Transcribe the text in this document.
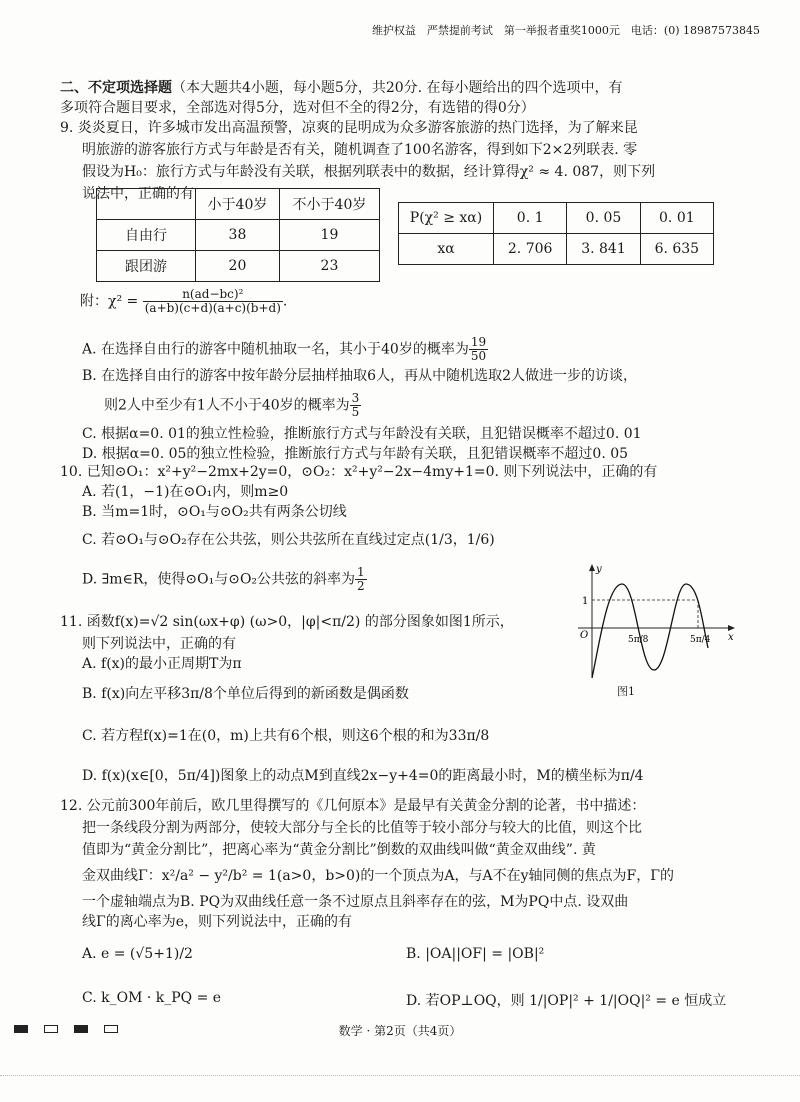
维护权益　严禁提前考试　第一举报者重奖1000元　电话：(0) 18987573845
二、不定项选择题（本大题共4小题，每小题5分，共20分. 在每小题给出的四个选项中，有
多项符合题目要求，全部选对得5分，选对但不全的得2分，有选错的得0分）
9. 炎炎夏日，许多城市发出高温预警，凉爽的昆明成为众多游客旅游的热门选择，为了解来昆
明旅游的游客旅行方式与年龄是否有关，随机调查了100名游客，得到如下2×2列联表. 零
假设为H₀：旅行方式与年龄没有关联，根据列联表中的数据，经计算得χ² ≈ 4. 087，则下列
说法中，正确的有
	小于40岁	不小于40岁
自由行	38	19
跟团游	20	23
P(χ² ≥ xα)	0. 1	0. 05	0. 01
xα	2. 706	3. 841	6. 635
附：$\chi^2 = \frac{\text{n(ad−bc)²}}{(a+b)(c+d)(a+c)(b+d)}$ .
A. 在选择自由行的游客中随机抽取一名，其小于40岁的概率为 $\frac{19}{50}$
B. 在选择自由行的游客中按年龄分层抽样抽取6人，再从中随机选取2人做进一步的访谈，
则2人中至少有1人不小于40岁的概率为 $\frac{3}{5}$
C. 根据α=0. 01的独立性检验，推断旅行方式与年龄没有关联，且犯错误概率不超过0. 01
D. 根据α=0. 05的独立性检验，推断旅行方式与年龄有关联，且犯错误概率不超过0. 05
10. 已知⊙O₁：x²+y²−2mx+2y=0，⊙O₂：x²+y²−2x−4my+1=0. 则下列说法中，正确的有
A. 若(1，−1)在⊙O₁内，则m≥0
B. 当m=1时，⊙O₁与⊙O₂共有两条公切线
C. 若⊙O₁与⊙O₂存在公共弦，则公共弦所在直线过定点(1/3，1/6)
D. ∃m∈R，使得⊙O₁与⊙O₂公共弦的斜率为 $\frac{1}{2}$
11. 函数f(x)=√2 sin(ωx+φ) (ω>0，|φ|<π/2) 的部分图象如图1所示，
则下列说法中，正确的有
A. f(x)的最小正周期T为π
B. f(x)向左平移3π/8个单位后得到的新函数是偶函数
C. 若方程f(x)=1在(0，m)上共有6个根，则这6个根的和为33π/8
D. f(x)(x∈[0，5π/4])图象上的动点M到直线2x−y+4=0的距离最小时，M的横坐标为π/4
y
x
O
1
5π/8	5π/4
图1
12. 公元前300年前后，欧几里得撰写的《几何原本》是最早有关黄金分割的论著，书中描述：
把一条线段分割为两部分，使较大部分与全长的比值等于较小部分与较大的比值，则这个比
值即为“黄金分割比”，把离心率为“黄金分割比”倒数的双曲线叫做“黄金双曲线”. 黄
金双曲线Γ：x²/a² − y²/b² = 1(a>0，b>0)的一个顶点为A，与A不在y轴同侧的焦点为F，Γ的
一个虚轴端点为B. PQ为双曲线任意一条不过原点且斜率存在的弦，M为PQ中点. 设双曲
线Γ的离心率为e，则下列说法中，正确的有
A. e = (√5+1)/2	B. |OA||OF| = |OB|²
C. k_OM · k_PQ = e	D. 若OP⊥OQ，则 1/|OP|² + 1/|OQ|² = e 恒成立
数学 · 第2页（共4页）
